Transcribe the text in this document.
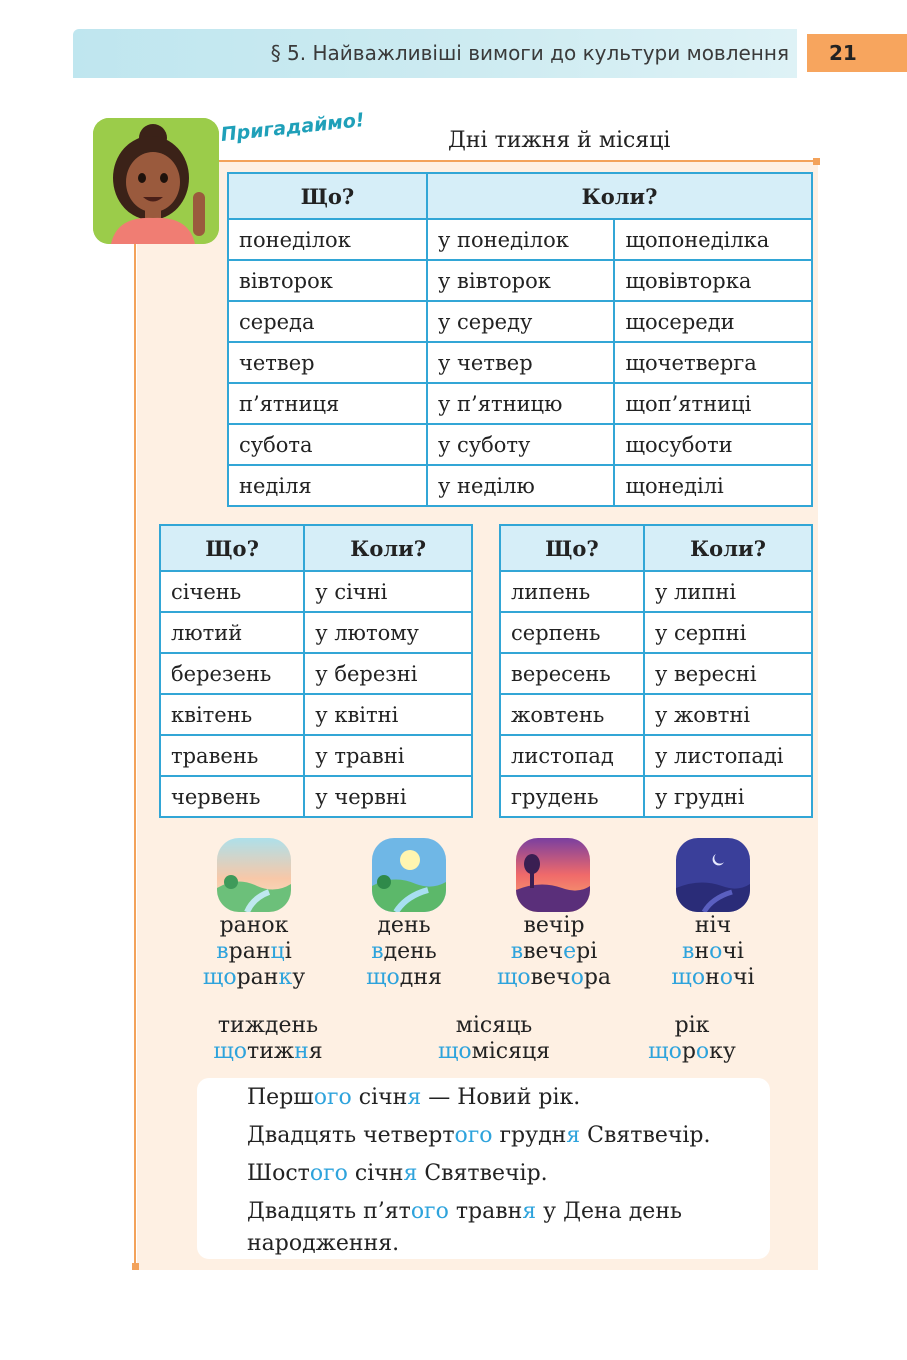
§ 5. Найважливіші вимоги до культури мовлення	21
Пригадаймо!	Дні тижня й місяці
Що?	Коли?	
понеділок	у понеділок	щопонеділка
вівторок	у вівторок	щовівторка
середа	у середу	щосереди
четвер	у четвер	щочетверга
п’ятниця	у п’ятницю	щоп’ятниці
субота	у суботу	щосуботи
неділя	у неділю	щонеділі
Що?	Коли?
січень	у січні
лютий	у лютому
березень	у березні
квітень	у квітні
травень	у травні
червень	у червні
Що?	Коли?
липень	у липні
серпень	у серпні
вересень	у вересні
жовтень	у жовтні
листопад	у листопаді
грудень	у грудні
ранок
вранці
щоранку
день
вдень
щодня
вечір
ввечері
щовечора
ніч
вночі
щоночі
тиждень
щотижня
місяць
щомісяця
рік
щороку
Першого січня — Новий рік.
Двадцять четвертого грудня Святвечір.
Шостого січня Святвечір.
Двадцять п’ятого травня у Дена день
народження.
